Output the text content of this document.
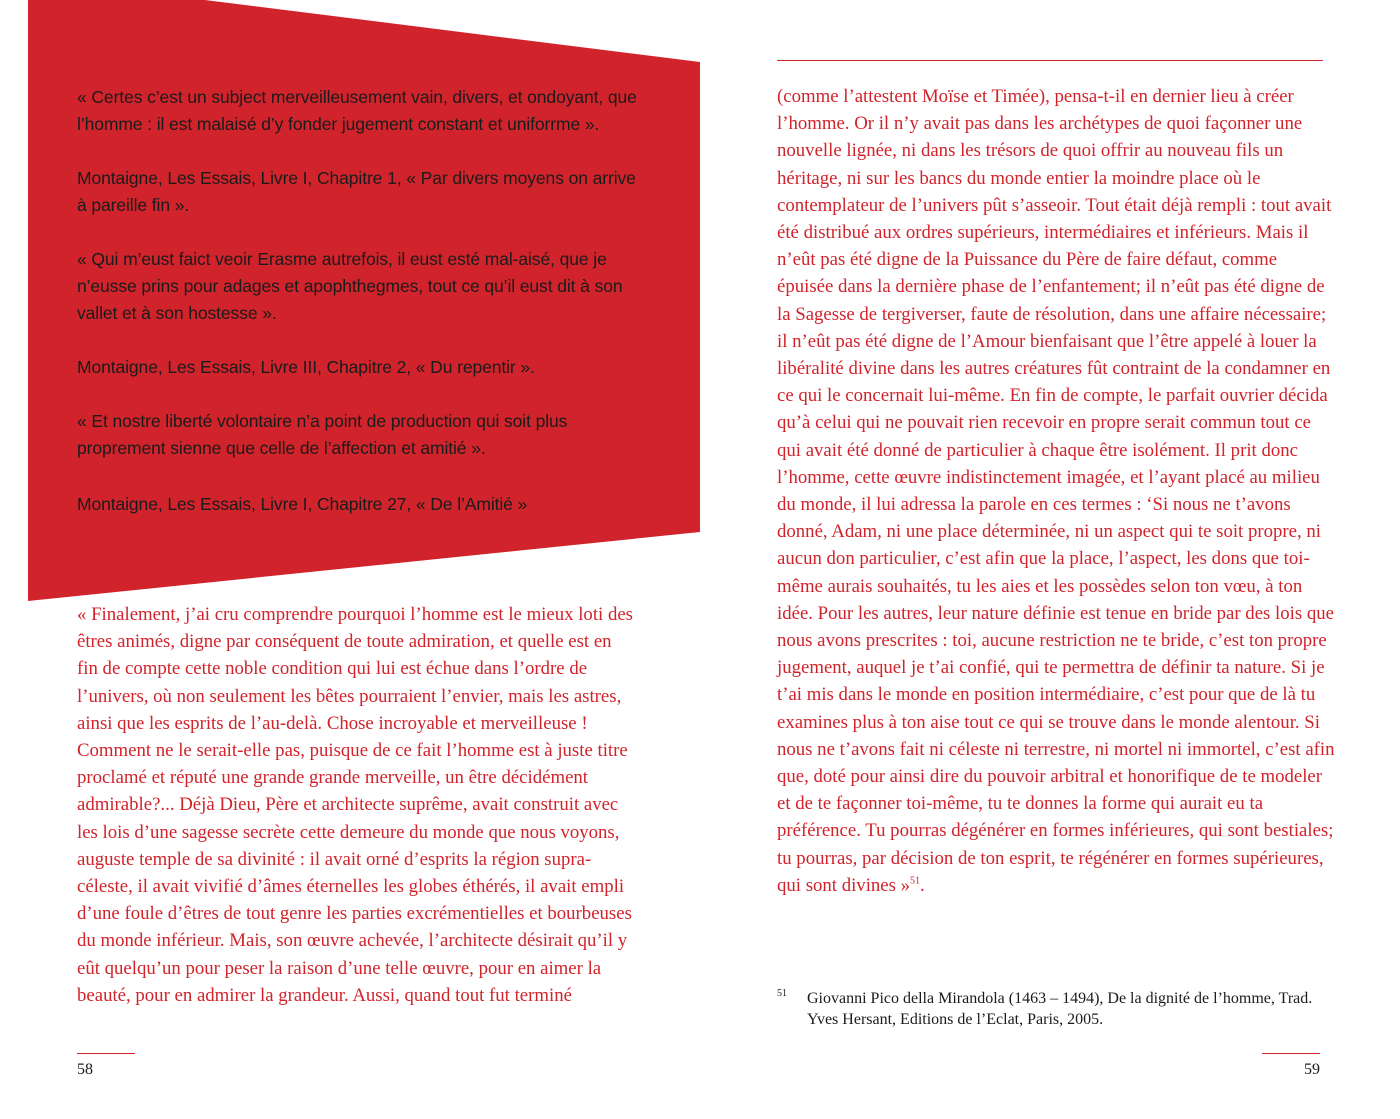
« Certes c’est un subject merveilleusement vain, divers, et ondoyant, que l’homme : il est malaisé d’y fonder jugement constant et uniforrme ».

Montaigne, Les Essais, Livre I, Chapitre 1, « Par divers moyens on arrive à pareille fin ».

« Qui m’eust faict veoir Erasme autrefois, il eust esté mal-aisé, que je n’eusse prins pour adages et apophthegmes, tout ce qu’il eust dit à son vallet et à son hostesse ».

Montaigne, Les Essais, Livre III, Chapitre 2, « Du repentir ».

« Et nostre liberté volontaire n’a point de production qui soit plus proprement sienne que celle de l’affection et amitié ».

Montaigne, Les Essais, Livre I, Chapitre 27, « De l’Amitié »

« Finalement, j’ai cru comprendre pourquoi l’homme est le mieux loti des êtres animés, digne par conséquent de toute admiration, et quelle est en fin de compte cette noble condition qui lui est échue dans l’ordre de l’univers, où non seulement les bêtes pourraient l’envier, mais les astres, ainsi que les esprits de l’au-delà. Chose incroyable et merveilleuse ! Comment ne le serait-elle pas, puisque de ce fait l’homme est à juste titre proclamé et réputé une grande grande merveille, un être décidément admirable?... Déjà Dieu, Père et architecte suprême, avait construit avec les lois d’une sagesse secrète cette demeure du monde que nous voyons, auguste temple de sa divinité : il avait orné d’esprits la région supra-céleste, il avait vivifié d’âmes éternelles les globes éthérés, il avait empli d’une foule d’êtres de tout genre les parties excrémentielles et bourbeuses du monde inférieur. Mais, son œuvre achevée, l’architecte désirait qu’il y eût quelqu’un pour peser la raison d’une telle œuvre, pour en aimer la beauté, pour en admirer la grandeur. Aussi, quand tout fut terminé

58

(comme l’attestent Moïse et Timée), pensa-t-il en dernier lieu à créer l’homme. Or il n’y avait pas dans les archétypes de quoi façonner une nouvelle lignée, ni dans les trésors de quoi offrir au nouveau fils un héritage, ni sur les bancs du monde entier la moindre place où le contemplateur de l’univers pût s’asseoir. Tout était déjà rempli : tout avait été distribué aux ordres supérieurs, intermédiaires et inférieurs. Mais il n’eût pas été digne de la Puissance du Père de faire défaut, comme épuisée dans la dernière phase de l’enfantement; il n’eût pas été digne de la Sagesse de tergiverser, faute de résolution, dans une affaire nécessaire; il n’eût pas été digne de l’Amour bienfaisant que l’être appelé à louer la libéralité divine dans les autres créatures fût contraint de la condamner en ce qui le concernait lui-même. En fin de compte, le parfait ouvrier décida qu’à celui qui ne pouvait rien recevoir en propre serait commun tout ce qui avait été donné de particulier à chaque être isolément. Il prit donc l’homme, cette œuvre indistinctement imagée, et l’ayant placé au milieu du monde, il lui adressa la parole en ces termes : ‘Si nous ne t’avons donné, Adam, ni une place déterminée, ni un aspect qui te soit propre, ni aucun don particulier, c’est afin que la place, l’aspect, les dons que toi-même aurais souhaités, tu les aies et les possèdes selon ton vœu, à ton idée. Pour les autres, leur nature définie est tenue en bride par des lois que nous avons prescrites : toi, aucune restriction ne te bride, c’est ton propre jugement, auquel je t’ai confié, qui te permettra de définir ta nature. Si je t’ai mis dans le monde en position intermédiaire, c’est pour que de là tu examines plus à ton aise tout ce qui se trouve dans le monde alentour. Si nous ne t’avons fait ni céleste ni terrestre, ni mortel ni immortel, c’est afin que, doté pour ainsi dire du pouvoir arbitral et honorifique de te modeler et de te façonner toi-même, tu te donnes la forme qui aurait eu ta préférence. Tu pourras dégénérer en formes inférieures, qui sont bestiales; tu pourras, par décision de ton esprit, te régénérer en formes supérieures, qui sont divines »$^{51}$.

51 Giovanni Pico della Mirandola (1463 – 1494), De la dignité de l’homme, Trad. Yves Hersant, Editions de l’Eclat, Paris, 2005.

59
